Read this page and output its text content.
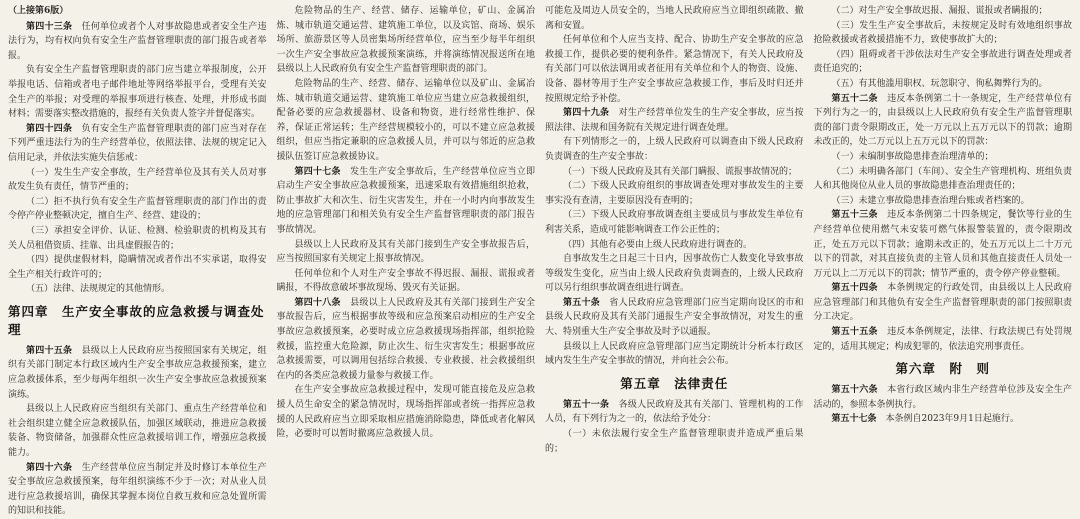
（上接第6版）

第四十三条　 任何单位或者个人对事故隐患或者安全生产违法行为，均有权向负有安全生产监督管理职责的部门报告或者举报。

负有安全生产监督管理职责的部门应当建立举报制度，公开举报电话、信箱或者电子邮件地址等网络举报平台，受理有关安全生产的举报；对受理的举报事项进行核查、处理，并形成书面材料；需要落实整改措施的，报经有关负责人签字并督促落实。

第四十四条　 负有安全生产监督管理职责的部门应当对存在下列严重违法行为的生产经营单位，依照法律、法规的规定记入信用记录，并依法实施失信惩戒：

（一）发生生产安全事故，生产经营单位及其有关人员对事故发生负有责任，情节严重的；

（二）拒不执行负有安全生产监督管理职责的部门作出的责令停产停业整顿决定，擅自生产、经营、建设的；

（三）承担安全评价、认证、检测、检验职责的机构及其有关人员租借资质、挂靠、出具虚假报告的；

（四）提供虚假材料，隐瞒情况或者作出不实承诺，取得安全生产相关行政许可的；

（五）法律、法规规定的其他情形。

第四章　生产安全事故的应急救援与调查处理

第四十五条　 县级以上人民政府应当按照国家有关规定，组织有关部门制定本行政区域内生产安全事故应急救援预案，建立应急救援体系，至少每两年组织一次生产安全事故应急救援预案演练。

县级以上人民政府应当组织有关部门、重点生产经营单位和社会组织建立健全应急救援队伍，加强区域联动，推进应急救援装备、物资储备，加强群众性应急救援培训工作，增强应急救援能力。

第四十六条　 生产经营单位应当制定并及时修订本单位生产安全事故应急救援预案，每年组织演练不少于一次；对从业人员进行应急救援培训，确保其掌握本岗位自救互救和应急处置所需的知识和技能。

危险物品的生产、经营、储存、运输单位，矿山、金属冶炼、城市轨道交通运营、建筑施工单位，以及宾馆、商场、娱乐场所、旅游景区等人员密集场所经营单位，应当至少每半年组织一次生产安全事故应急救援预案演练，并将演练情况报送所在地县级以上人民政府负有安全生产监督管理职责的部门。

危险物品的生产、经营、储存、运输单位以及矿山、金属冶炼、城市轨道交通运营、建筑施工单位应当建立应急救援组织，配备必要的应急救援器材、设备和物资，进行经常性维护、保养，保证正常运转；生产经营规模较小的，可以不建立应急救援组织，但应当指定兼职的应急救援人员，并可以与邻近的应急救援队伍签订应急救援协议。

第四十七条　 发生生产安全事故后，生产经营单位应当立即启动生产安全事故应急救援预案，迅速采取有效措施组织抢救，防止事故扩大和次生、衍生灾害发生，并在一小时内向事故发生地的应急管理部门和相关负有安全生产监督管理职责的部门报告事故情况。

县级以上人民政府及其有关部门接到生产安全事故报告后，应当按照国家有关规定上报事故情况。

任何单位和个人对生产安全事故不得迟报、漏报、谎报或者瞒报，不得故意破坏事故现场、毁灭有关证据。

第四十八条　 县级以上人民政府及其有关部门接到生产安全事故报告后，应当根据事故等级和应急预案启动相应的生产安全事故应急救援预案，必要时成立应急救援现场指挥部，组织抢险救援，监控重大危险源，防止次生、衍生灾害发生；根据事故应急救援需要，可以调用包括综合救援、专业救援、社会救援组织在内的各类应急救援力量参与救援工作。

在生产安全事故应急救援过程中，发现可能直接危及应急救援人员生命安全的紧急情况时，现场指挥部或者统一指挥应急救援的人民政府应当立即采取相应措施消除隐患，降低或者化解风险，必要时可以暂时撤离应急救援人员。

可能危及周边人员安全的，当地人民政府应当立即组织疏散、撤离和安置。

任何单位和个人应当支持、配合、协助生产安全事故的应急救援工作，提供必要的便利条件。紧急情况下，有关人民政府及有关部门可以依法调用或者征用有关单位和个人的物资、设施、设备、器材等用于生产安全事故应急救援工作，事后及时归还并按照规定给予补偿。

第四十九条　 对生产经营单位发生的生产安全事故，应当按照法律、法规和国务院有关规定进行调查处理。

有下列情形之一的，上级人民政府可以调查由下级人民政府负责调查的生产安全事故：

（一）下级人民政府及其有关部门瞒报、谎报事故情况的；

（二）下级人民政府组织的事故调查处理对事故发生的主要事实没有查清，主要原因没有查明的；

（三）下级人民政府事故调查组主要成员与事故发生单位有利害关系，造成可能影响调查工作公正性的；

（四）其他有必要由上级人民政府进行调查的。

自事故发生之日起三十日内，因事故伤亡人数变化导致事故等级发生变化，应当由上级人民政府负责调查的，上级人民政府可以另行组织事故调查组进行调查。

第五十条　 省人民政府应急管理部门应当定期向设区的市和县级人民政府及其有关部门通报生产安全事故情况，对发生的重大、特别重大生产安全事故及时予以通报。

县级以上人民政府应急管理部门应当定期统计分析本行政区域内发生生产安全事故的情况，并向社会公布。

第五章　法律责任

第五十一条　 各级人民政府及其有关部门、管理机构的工作人员，有下列行为之一的，依法给予处分：

（一）未依法履行安全生产监督管理职责并造成严重后果的；

（二）对生产安全事故迟报、漏报、谎报或者瞒报的；

（三）发生生产安全事故后，未按规定及时有效地组织事故抢险救援或者救援措施不力，致使事故扩大的；

（四）阻碍或者干涉依法对生产安全事故进行调查处理或者责任追究的；

（五）有其他滥用职权、玩忽职守、徇私舞弊行为的。

第五十二条　 违反本条例第二十一条规定，生产经营单位有下列行为之一的，由县级以上人民政府负有安全生产监督管理职责的部门责令限期改正，处一万元以上五万元以下的罚款；逾期未改正的，处二万元以上五万元以下的罚款：

（一）未编制事故隐患排查治理清单的；

（二）未明确各部门（车间）、安全生产管理机构、班组负责人和其他岗位从业人员的事故隐患排查治理责任的；

（三）未建立事故隐患排查治理台账或者档案的。

第五十三条　 违反本条例第二十四条规定，餐饮等行业的生产经营单位使用燃气未安装可燃气体报警装置的，责令限期改正，处五万元以下罚款；逾期未改正的，处五万元以上二十万元以下的罚款，对其直接负责的主管人员和其他直接责任人员处一万元以上二万元以下的罚款；情节严重的，责令停产停业整顿。

第五十四条　 本条例规定的行政处罚，由县级以上人民政府应急管理部门和其他负有安全生产监督管理职责的部门按照职责分工决定。

第五十五条　 违反本条例规定，法律、行政法规已有处罚规定的，适用其规定；构成犯罪的，依法追究刑事责任。

第六章　附　则

第五十六条　 本省行政区域内非生产经营单位涉及安全生产活动的，参照本条例执行。

第五十七条　 本条例自2023年9月1日起施行。
